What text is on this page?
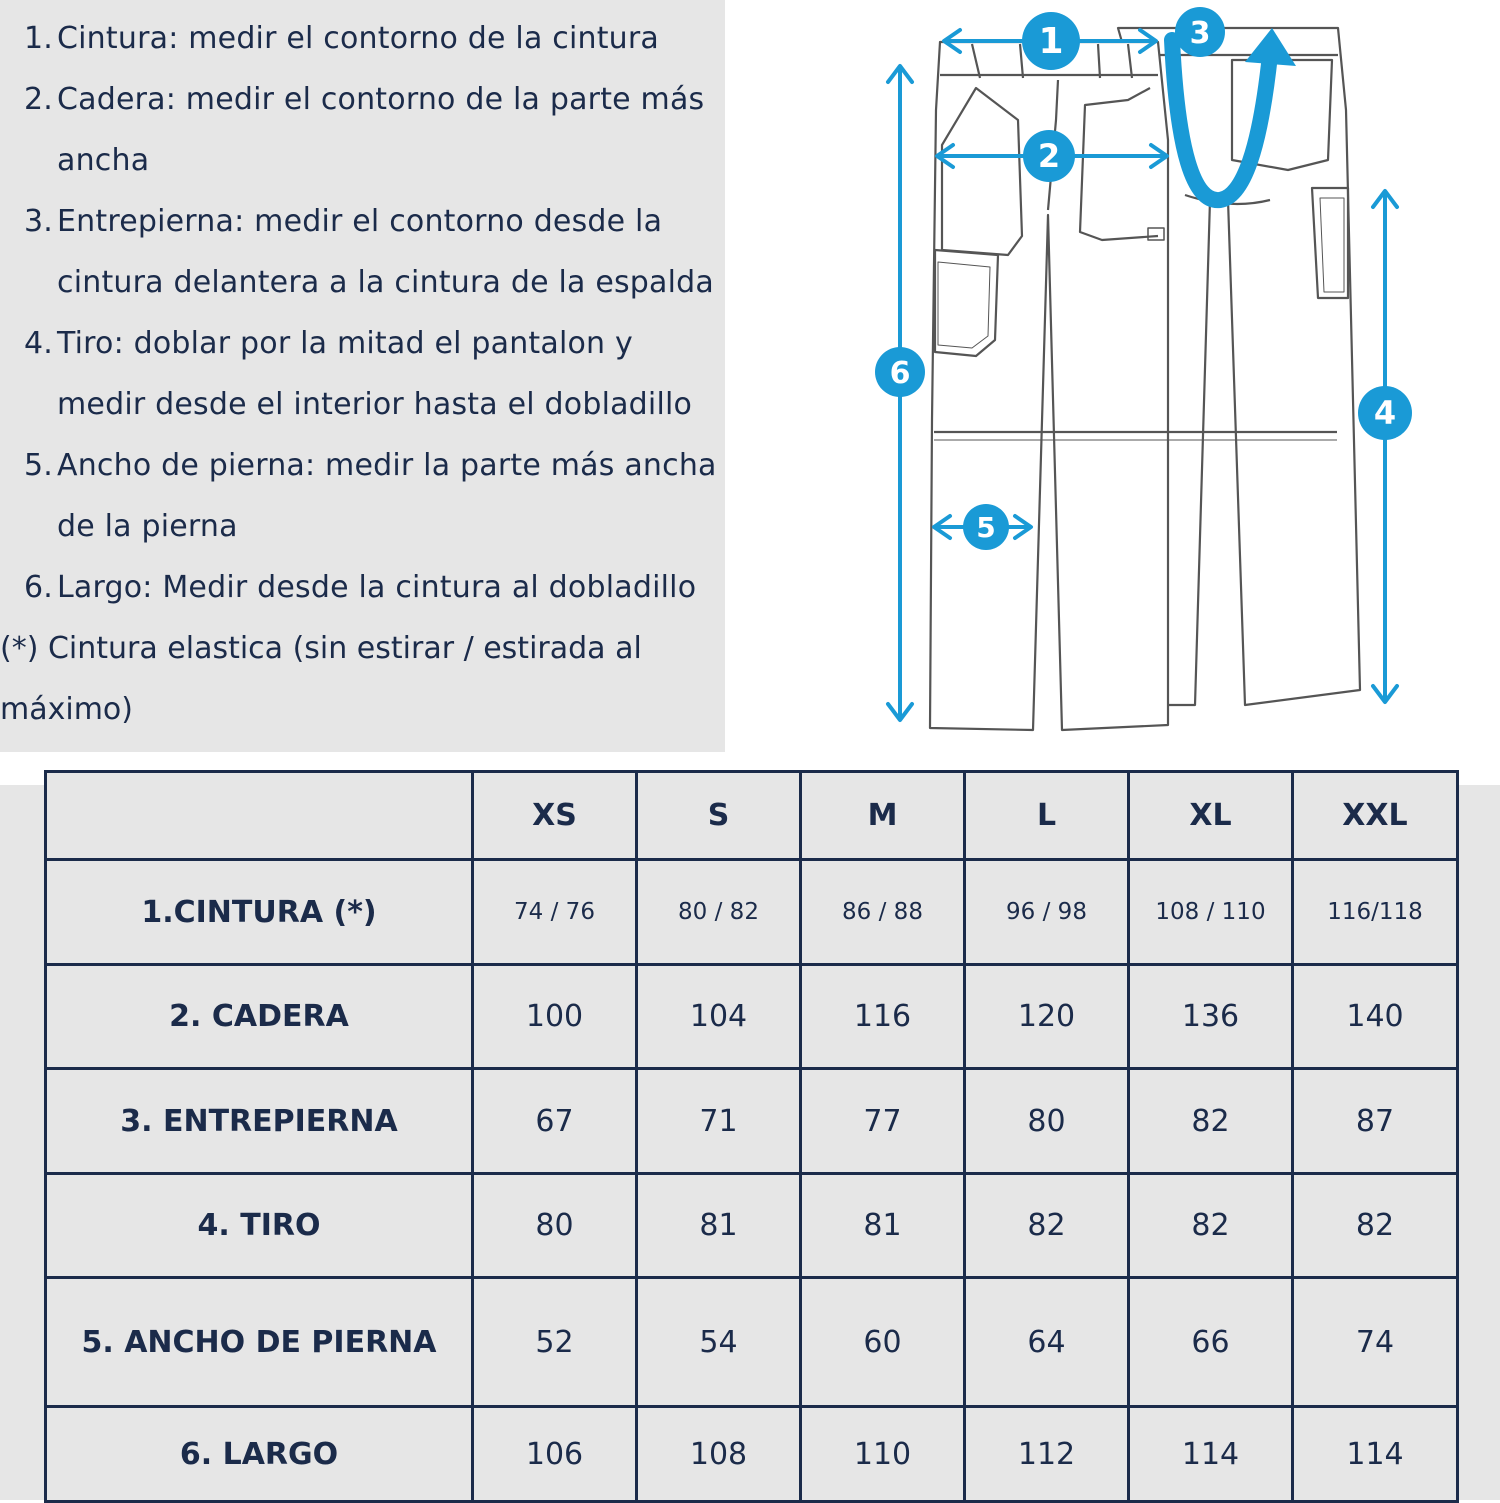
1. Cintura: medir el contorno de la cintura
2. Cadera: medir el contorno de la parte más ancha
3. Entrepierna: medir el contorno desde la cintura delantera a la cintura de la espalda
4. Tiro: doblar por la mitad el pantalon y medir desde el interior hasta el dobladillo
5. Ancho de pierna: medir la parte más ancha de la pierna
6. Largo: Medir desde la cintura al dobladillo
(*) Cintura elastica (sin estirar / estirada al máximo)
1
2
3
4
5
6
	XS	S	M	L	XL	XXL
1.CINTURA (*)	74 / 76	80 / 82	86 / 88	96 / 98	108 / 110	116/118
2. CADERA	100	104	116	120	136	140
3. ENTREPIERNA	67	71	77	80	82	87
4. TIRO	80	81	81	82	82	82
5. ANCHO DE PIERNA	52	54	60	64	66	74
6. LARGO	106	108	110	112	114	114
